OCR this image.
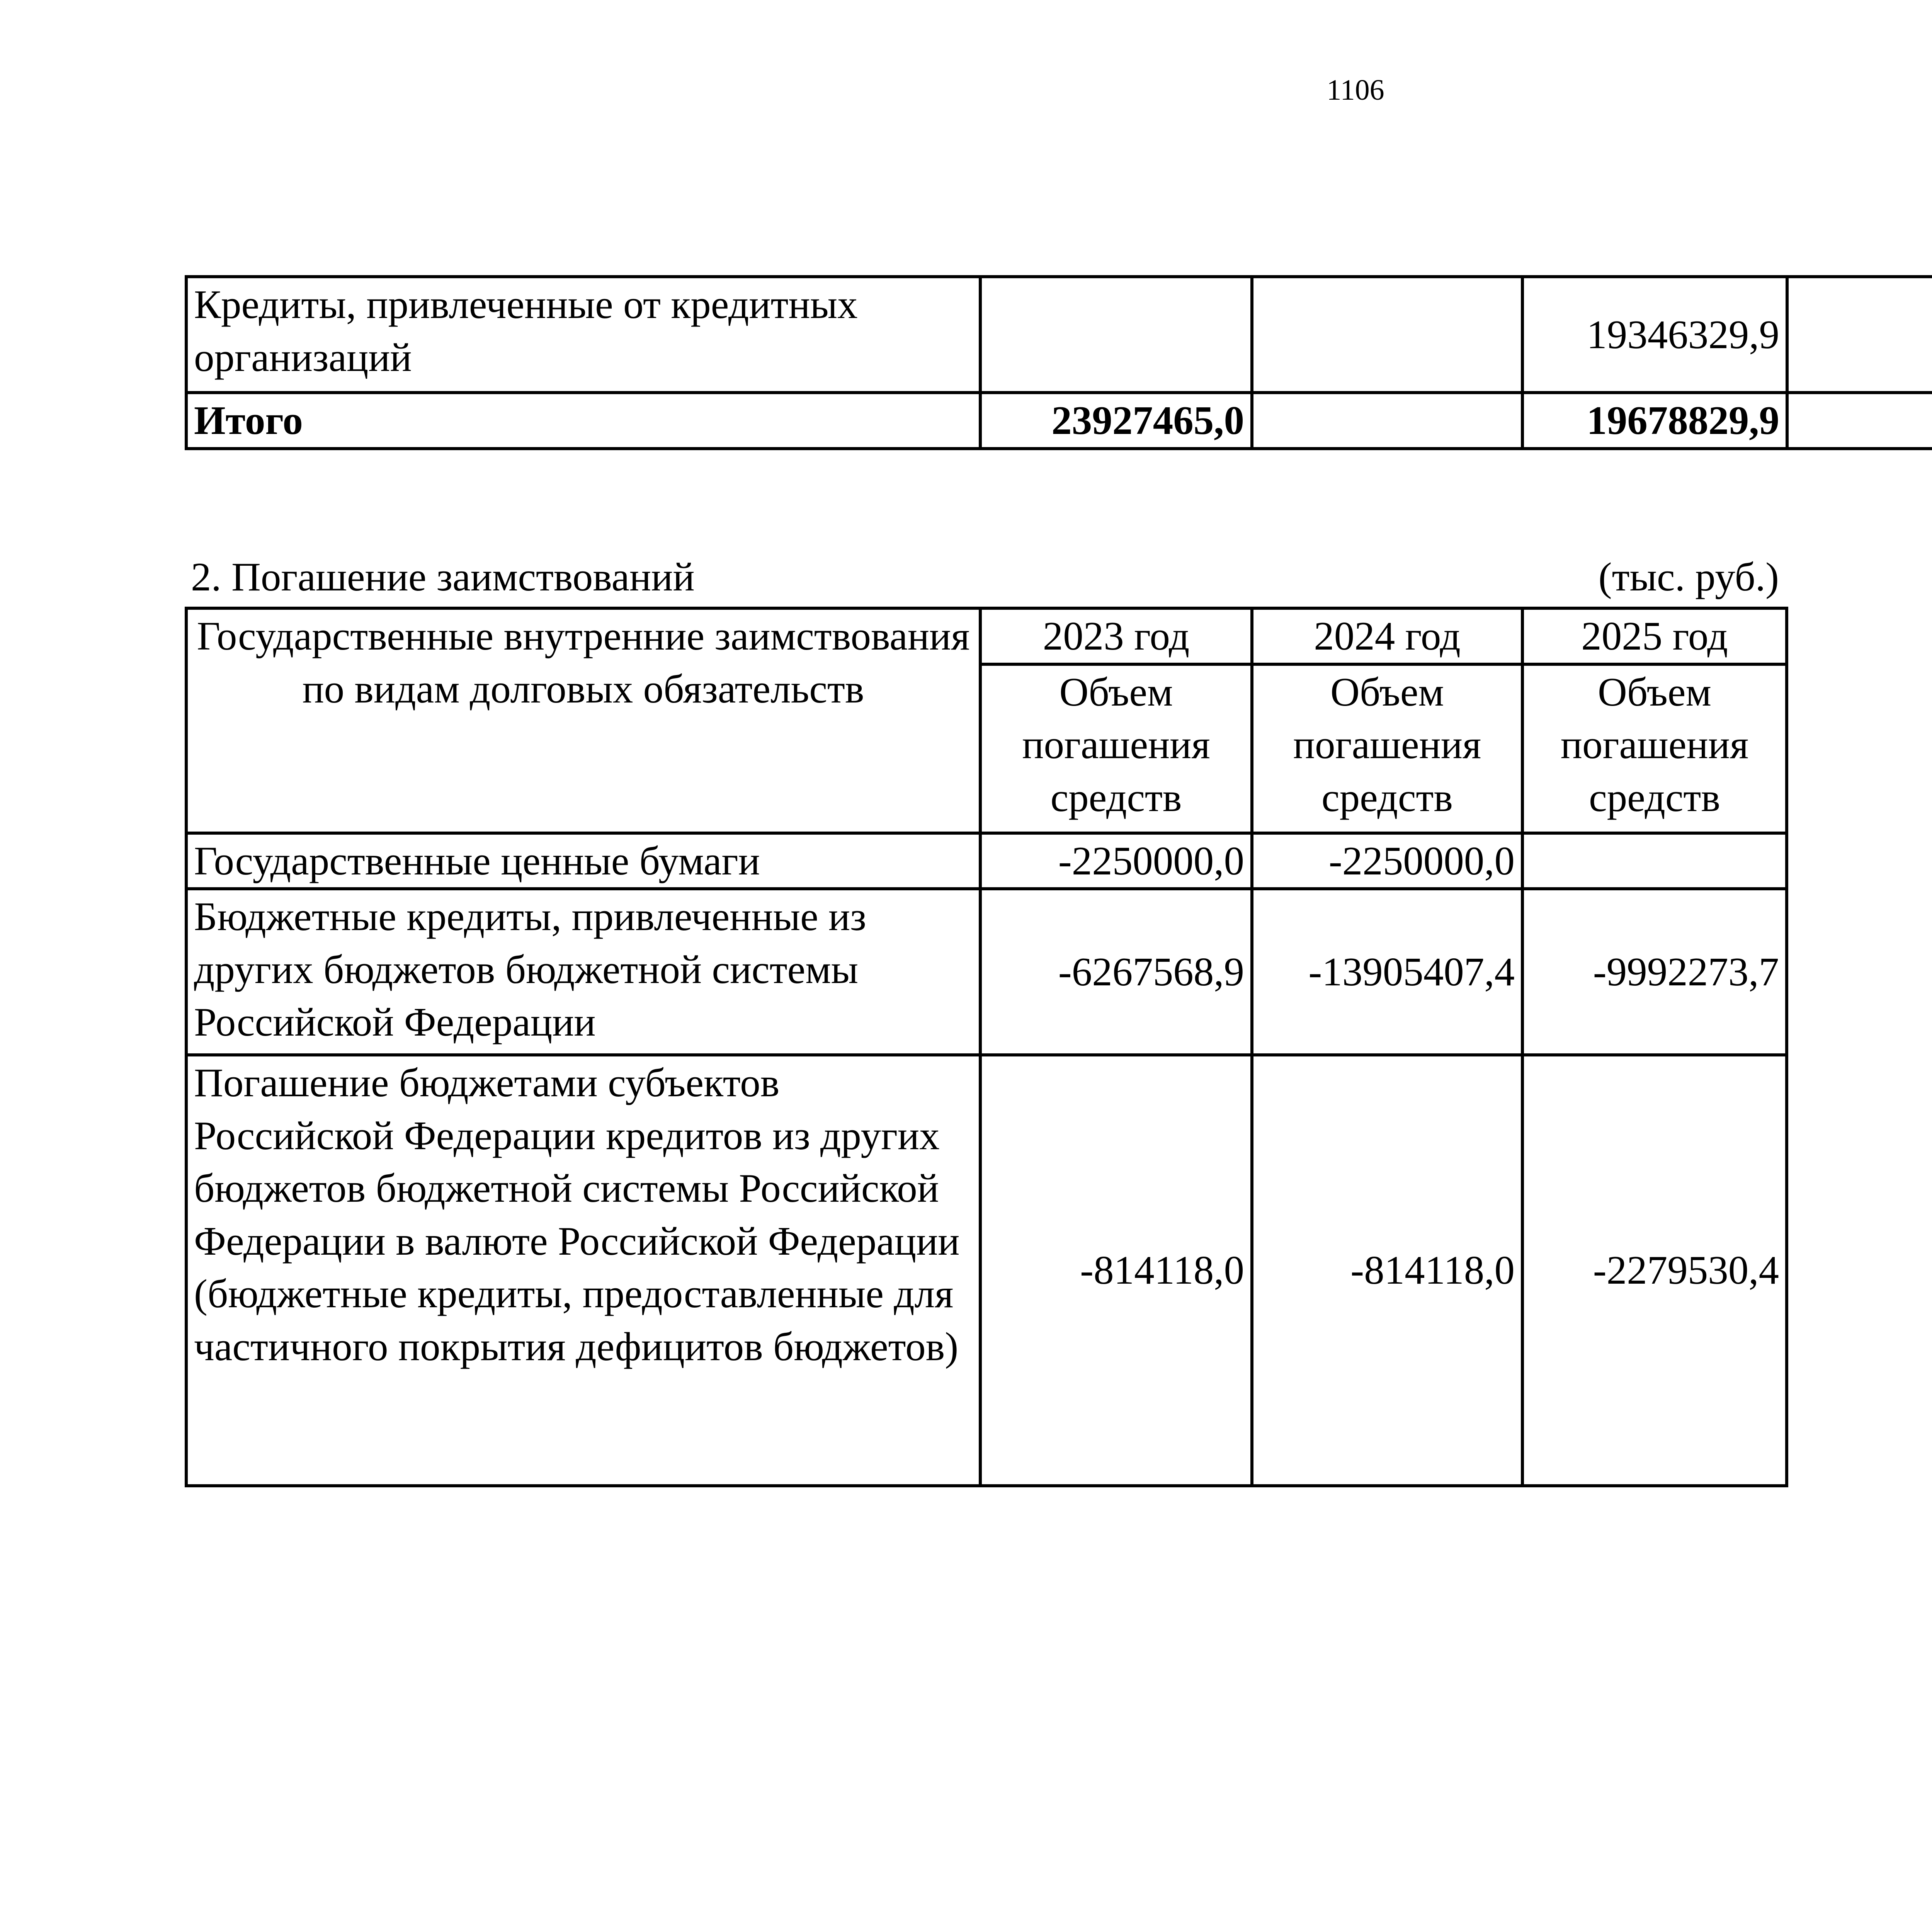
1106
Кредиты, привлеченные от кредитных организаций			19346329,9			
Итого	23927465,0		19678829,9			
2. Погашение заимствований	(тыс. руб.)
Государственные внутренние заимствования по видам долговых обязательств	2023 год	2024 год	2025 год
	Объем погашения средств	Объем погашения средств	Объем погашения средств
Государственные ценные бумаги	-2250000,0	-2250000,0	
Бюджетные кредиты, привлеченные из других бюджетов бюджетной системы Российской Федерации	-6267568,9	-13905407,4	-9992273,7
Погашение бюджетами субъектов Российской Федерации кредитов из других бюджетов бюджетной системы Российской Федерации в валюте Российской Федерации (бюджетные кредиты, предоставленные для частичного покрытия дефицитов бюджетов)	-814118,0	-814118,0	-2279530,4
